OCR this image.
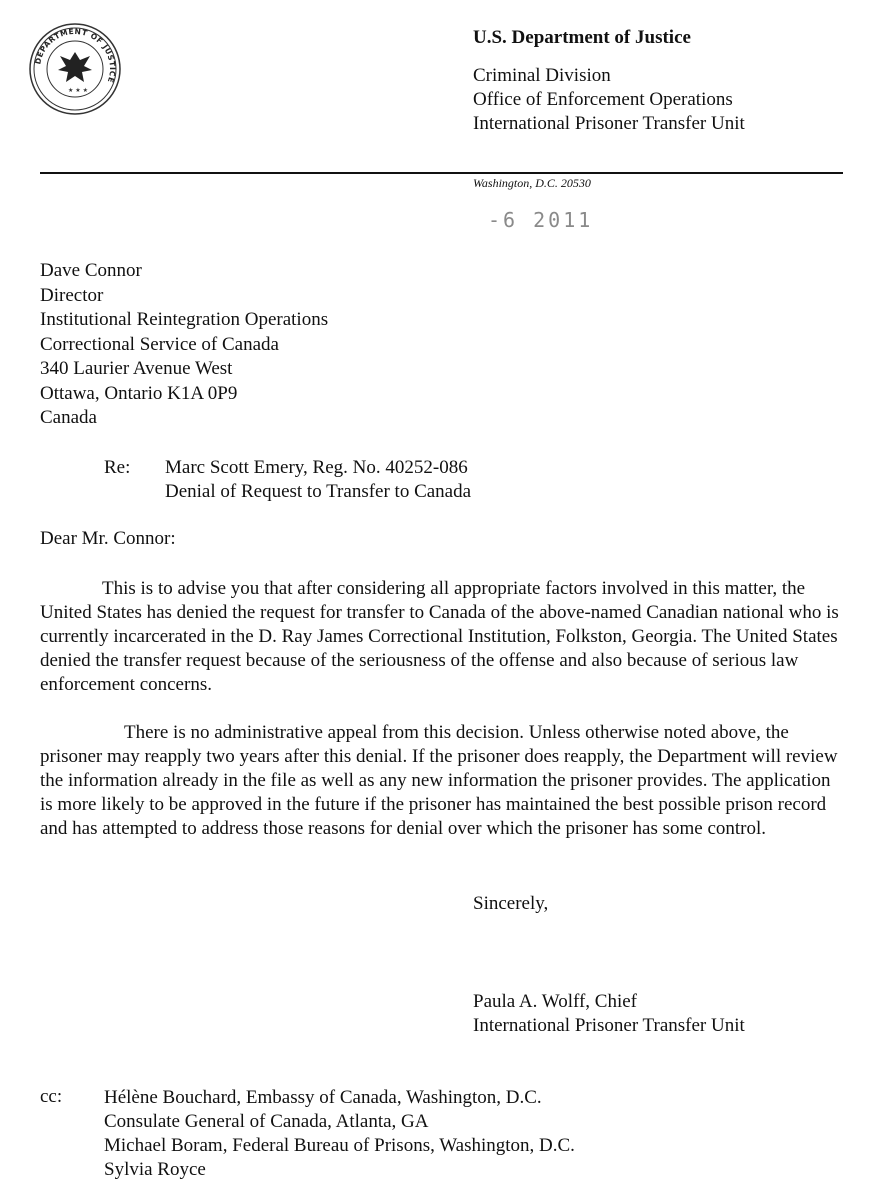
DEPARTMENT OF JUSTICE
★ ★ ★
U.S. Department of Justice
Criminal Division
Office of Enforcement Operations
International Prisoner Transfer Unit
Washington, D.C. 20530
-6 2011
Dave Connor
Director
Institutional Reintegration Operations
Correctional Service of Canada
340 Laurier Avenue West
Ottawa, Ontario K1A 0P9
Canada
Re: Marc Scott Emery, Reg. No. 40252-086
Denial of Request to Transfer to Canada
Dear Mr. Connor:

This is to advise you that after considering all appropriate factors involved in this matter, the United States has denied the request for transfer to Canada of the above-named Canadian national who is currently incarcerated in the D. Ray James Correctional Institution, Folkston, Georgia. The United States denied the transfer request because of the seriousness of the offense and also because of serious law enforcement concerns.

There is no administrative appeal from this decision. Unless otherwise noted above, the prisoner may reapply two years after this denial. If the prisoner does reapply, the Department will review the information already in the file as well as any new information the prisoner provides. The application is more likely to be approved in the future if the prisoner has maintained the best possible prison record and has attempted to address those reasons for denial over which the prisoner has some control.

Sincerely,
Paula A. Wolff, Chief
International Prisoner Transfer Unit
cc: Hélène Bouchard, Embassy of Canada, Washington, D.C.
Consulate General of Canada, Atlanta, GA
Michael Boram, Federal Bureau of Prisons, Washington, D.C.
Sylvia Royce
